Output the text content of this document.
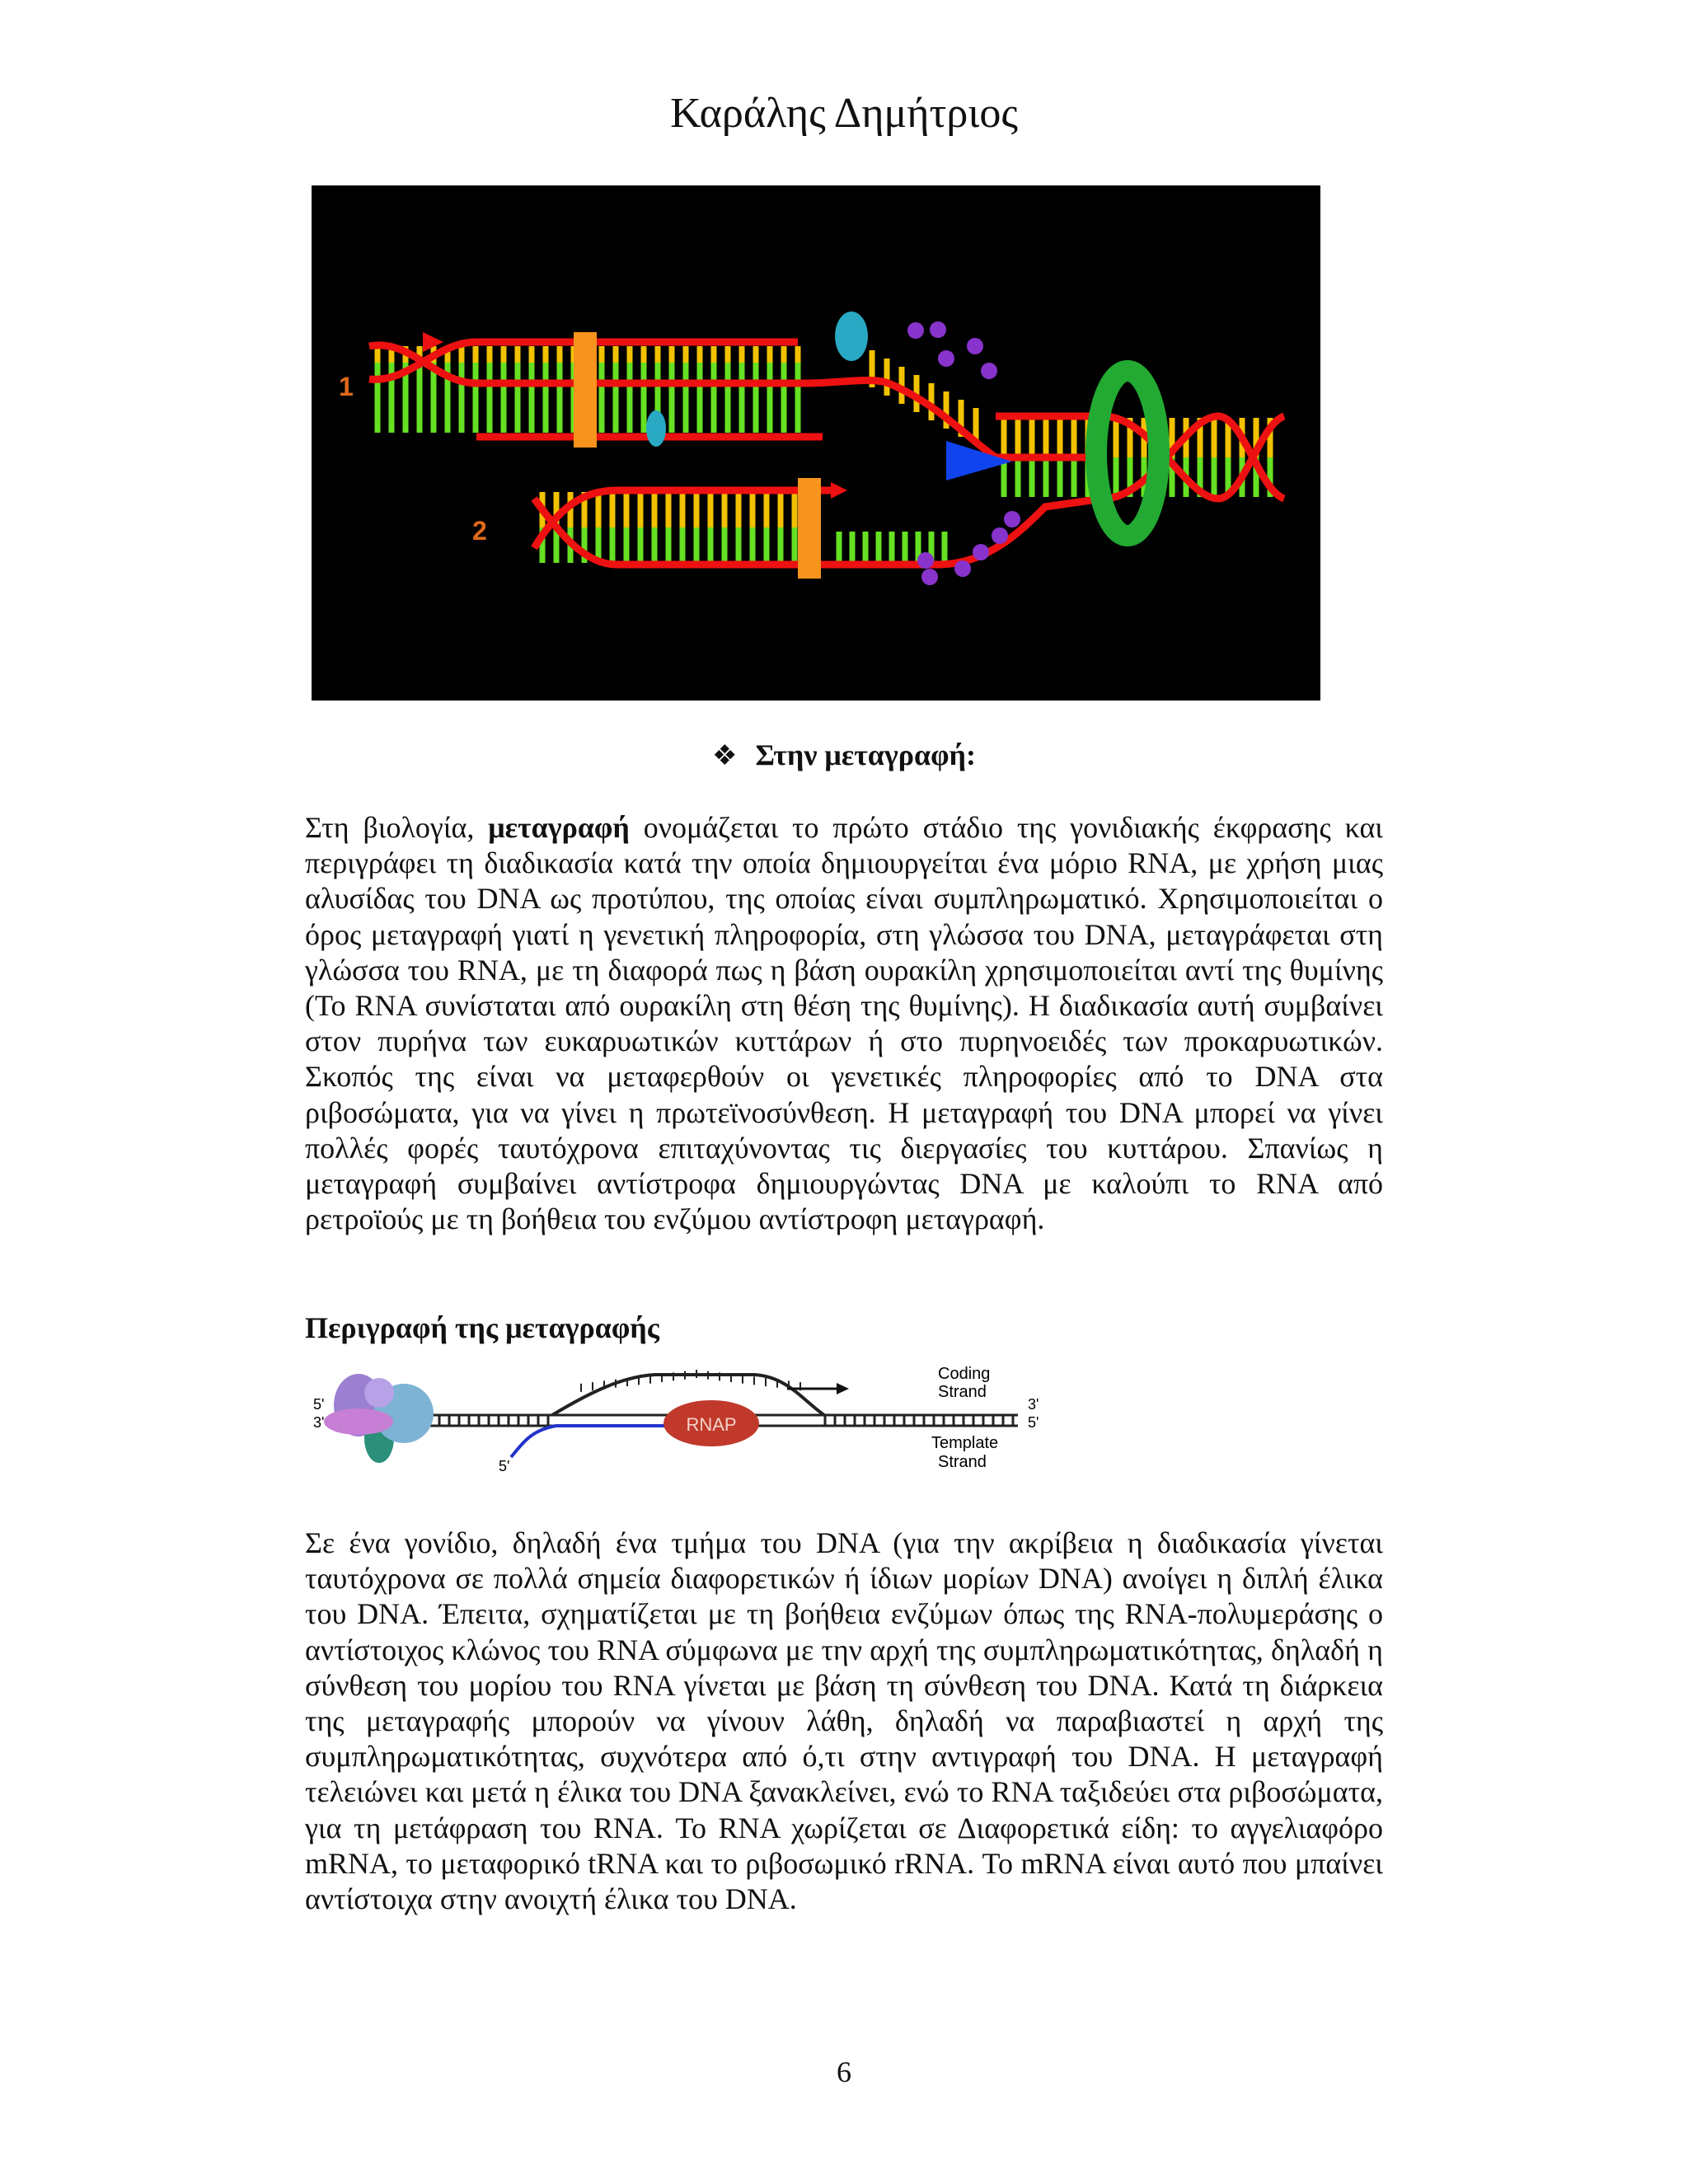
Καράλης Δημήτριος
1
2
❖ Στην μεταγραφή:

Στη βιολογία, μεταγραφή ονομάζεται το πρώτο στάδιο της γονιδιακής έκφρασης και περιγράφει τη διαδικασία κατά την οποία δημιουργείται ένα μόριο RNA, με χρήση μιας αλυσίδας του DNA ως προτύπου, της οποίας είναι συμπληρωματικό. Χρησιμοποιείται ο όρος μεταγραφή γιατί η γενετική πληροφορία, στη γλώσσα του DNA, μεταγράφεται στη γλώσσα του RNA, με τη διαφορά πως η βάση ουρακίλη χρησιμοποιείται αντί της θυμίνης (Το RNA συνίσταται από ουρακίλη στη θέση της θυμίνης). Η διαδικασία αυτή συμβαίνει στον πυρήνα των ευκαρυωτικών κυττάρων ή στο πυρηνοειδές των προκαρυωτικών. Σκοπός της είναι να μεταφερθούν οι γενετικές πληροφορίες από το DNA στα ριβοσώματα, για να γίνει η πρωτεϊνοσύνθεση. Η μεταγραφή του DNA μπορεί να γίνει πολλές φορές ταυτόχρονα επιταχύνοντας τις διεργασίες του κυττάρου. Σπανίως η μεταγραφή συμβαίνει αντίστροφα δημιουργώντας DNA με καλούπι το RNA από ρετροϊούς με τη βοήθεια του ενζύμου αντίστροφη μεταγραφή.

Περιγραφή της μεταγραφής
RNAP
5'
3'
5'
Coding
Strand
Template
Strand
3'
5'

Σε ένα γονίδιο, δηλαδή ένα τμήμα του DNA (για την ακρίβεια η διαδικασία γίνεται ταυτόχρονα σε πολλά σημεία διαφορετικών ή ίδιων μορίων DNA) ανοίγει η διπλή έλικα του DNA. Έπειτα, σχηματίζεται με τη βοήθεια ενζύμων όπως της RNA-πολυμεράσης ο αντίστοιχος κλώνος του RNA σύμφωνα με την αρχή της συμπληρωματικότητας, δηλαδή η σύνθεση του μορίου του RNA γίνεται με βάση τη σύνθεση του DNA. Κατά τη διάρκεια της μεταγραφής μπορούν να γίνουν λάθη, δηλαδή να παραβιαστεί η αρχή της συμπληρωματικότητας, συχνότερα από ό,τι στην αντιγραφή του DNA. Η μεταγραφή τελειώνει και μετά η έλικα του DNA ξανακλείνει, ενώ το RNA ταξιδεύει στα ριβοσώματα, για τη μετάφραση του RNA. Το RNA χωρίζεται σε Διαφορετικά είδη: το αγγελιαφόρο mRNA, το μεταφορικό tRNA και το ριβοσωμικό rRNA. Το mRNA είναι αυτό που μπαίνει αντίστοιχα στην ανοιχτή έλικα του DNA.

6
